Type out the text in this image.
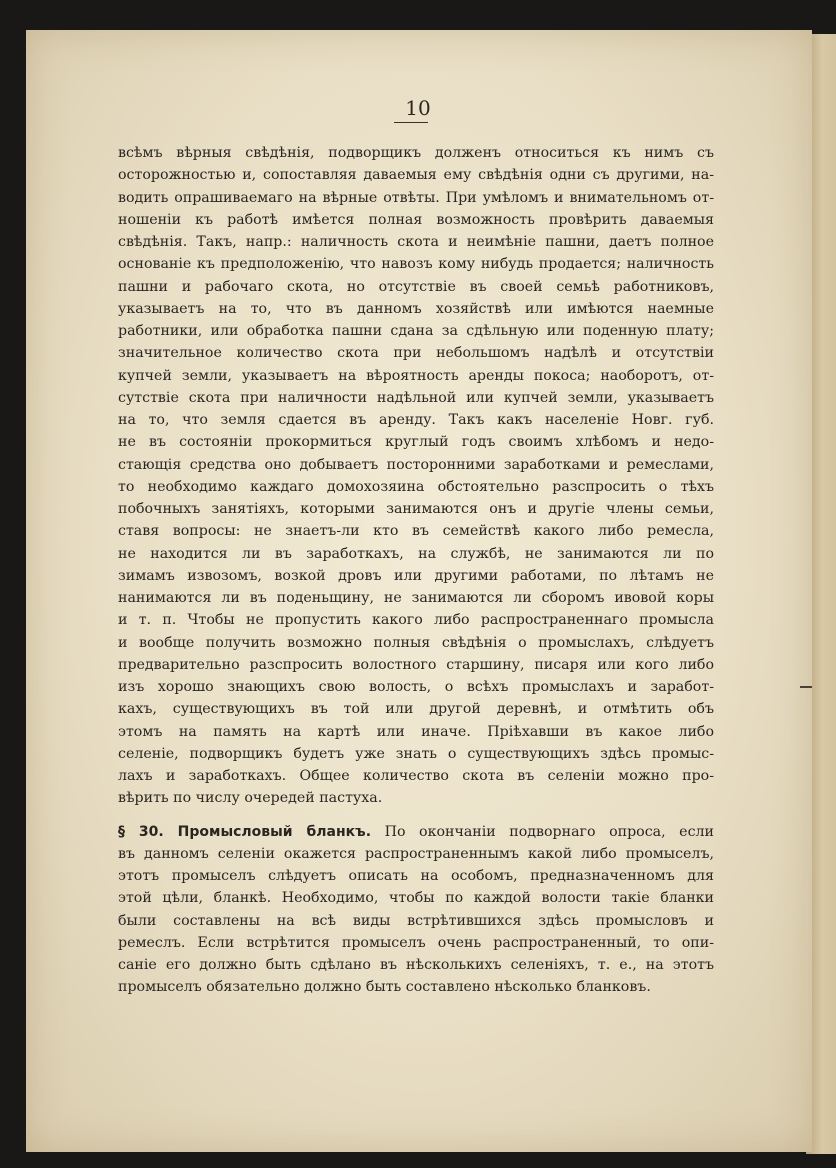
10

всѣмъ вѣрныя свѣдѣнія, подворщикъ долженъ относиться къ нимъ съ
осторожностью и, сопоставляя даваемыя ему свѣдѣнія одни съ другими, на-
водить опрашиваемаго на вѣрные отвѣты. При умѣломъ и внимательномъ от-
ношеніи къ работѣ имѣется полная возможность провѣрить даваемыя
свѣдѣнія. Такъ, напр.: наличность скота и неимѣніе пашни, даетъ полное
основаніе къ предположенію, что навозъ кому нибудь продается; наличность
пашни и рабочаго скота, но отсутствіе въ своей семьѣ работниковъ,
указываетъ на то, что въ данномъ хозяйствѣ или имѣются наемные
работники, или обработка пашни сдана за сдѣльную или поденную плату;
значительное количество скота при небольшомъ надѣлѣ и отсутствіи
купчей земли, указываетъ на вѣроятность аренды покоса; наоборотъ, от-
сутствіе скота при наличности надѣльной или купчей земли, указываетъ
на то, что земля сдается въ аренду. Такъ какъ населеніе Новг. губ.
не въ состояніи прокормиться круглый годъ своимъ хлѣбомъ и недо-
стающія средства оно добываетъ посторонними заработками и ремеслами,
то необходимо каждаго домохозяина обстоятельно разспросить о тѣхъ
побочныхъ занятіяхъ, которыми занимаются онъ и другіе члены семьи,
ставя вопросы: не знаетъ-ли кто въ семействѣ какого либо ремесла,
не находится ли въ заработкахъ, на службѣ, не занимаются ли по
зимамъ извозомъ, возкой дровъ или другими работами, по лѣтамъ не
нанимаются ли въ поденьщину, не занимаются ли сборомъ ивовой коры
и т. п. Чтобы не пропустить какого либо распространеннаго промысла
и вообще получить возможно полныя свѣдѣнія о промыслахъ, слѣдуетъ
предварительно разспросить волостного старшину, писаря или кого либо
изъ хорошо знающихъ свою волость, о всѣхъ промыслахъ и заработ-
кахъ, существующихъ въ той или другой деревнѣ, и отмѣтить объ
этомъ на память на картѣ или иначе. Пріѣхавши въ какое либо
селеніе, подворщикъ будетъ уже знать о существующихъ здѣсь промыс-
лахъ и заработкахъ. Общее количество скота въ селеніи можно про-
вѣрить по числу очередей пастуха.
§ 30. Промысловый бланкъ. По окончаніи подворнаго опроса, если
въ данномъ селеніи окажется распространеннымъ какой либо промыселъ,
этотъ промыселъ слѣдуетъ описать на особомъ, предназначенномъ для
этой цѣли, бланкѣ. Необходимо, чтобы по каждой волости такіе бланки
были составлены на всѣ виды встрѣтившихся здѣсь промысловъ и
ремеслъ. Если встрѣтится промыселъ очень распространенный, то опи-
саніе его должно быть сдѣлано въ нѣсколькихъ селеніяхъ, т. е., на этотъ
промыселъ обязательно должно быть составлено нѣсколько бланковъ.
